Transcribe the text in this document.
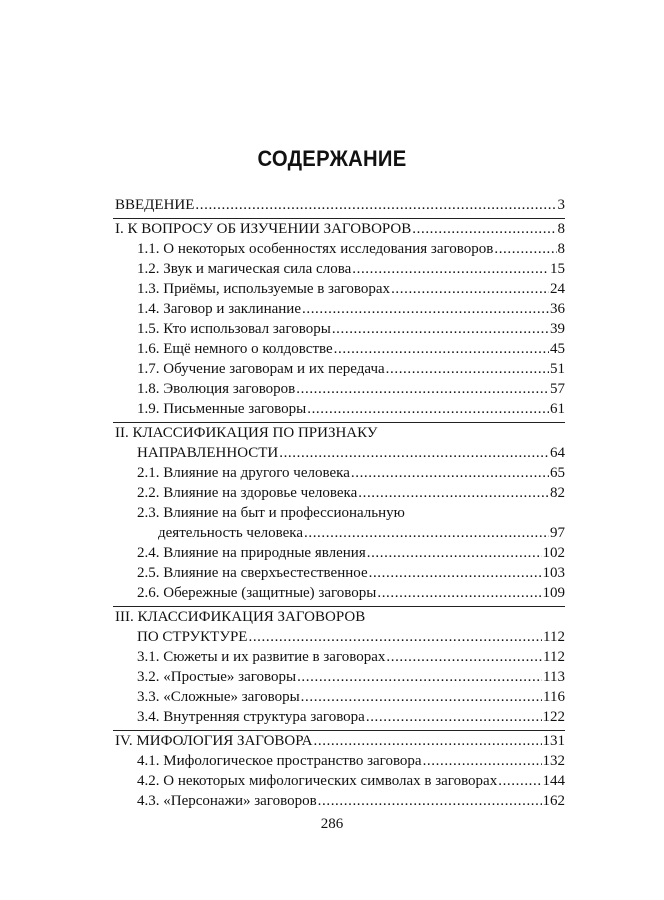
СОДЕРЖАНИЕ
ВВЕДЕНИЕ .....	3
I. К ВОПРОСУ ОБ ИЗУЧЕНИИ ЗАГОВОРОВ .....	8
1.1. О некоторых особенностях исследования заговоров .....	8
1.2. Звук и магическая сила слова .....	15
1.3. Приёмы, используемые в заговорах .....	24
1.4. Заговор и заклинание .....	36
1.5. Кто использовал заговоры .....	39
1.6. Ещё немного о колдовстве .....	45
1.7. Обучение заговорам и их передача .....	51
1.8. Эволюция заговоров .....	57
1.9. Письменные заговоры .....	61
II. КЛАССИФИКАЦИЯ ПО ПРИЗНАКУ
НАПРАВЛЕННОСТИ .....	64
2.1. Влияние на другого человека .....	65
2.2. Влияние на здоровье человека .....	82
2.3. Влияние на быт и профессиональную
деятельность человека .....	97
2.4. Влияние на природные явления .....	102
2.5. Влияние на сверхъестественное .....	103
2.6. Обережные (защитные) заговоры .....	109
III. КЛАССИФИКАЦИЯ ЗАГОВОРОВ
ПО СТРУКТУРЕ .....	112
3.1. Сюжеты и их развитие в заговорах .....	112
3.2. «Простые» заговоры .....	113
3.3. «Сложные» заговоры .....	116
3.4. Внутренняя структура заговора .....	122
IV. МИФОЛОГИЯ ЗАГОВОРА .....	131
4.1. Мифологическое пространство заговора .....	132
4.2. О некоторых мифологических символах в заговорах .....	144
4.3. «Персонажи» заговоров .....	162
286
